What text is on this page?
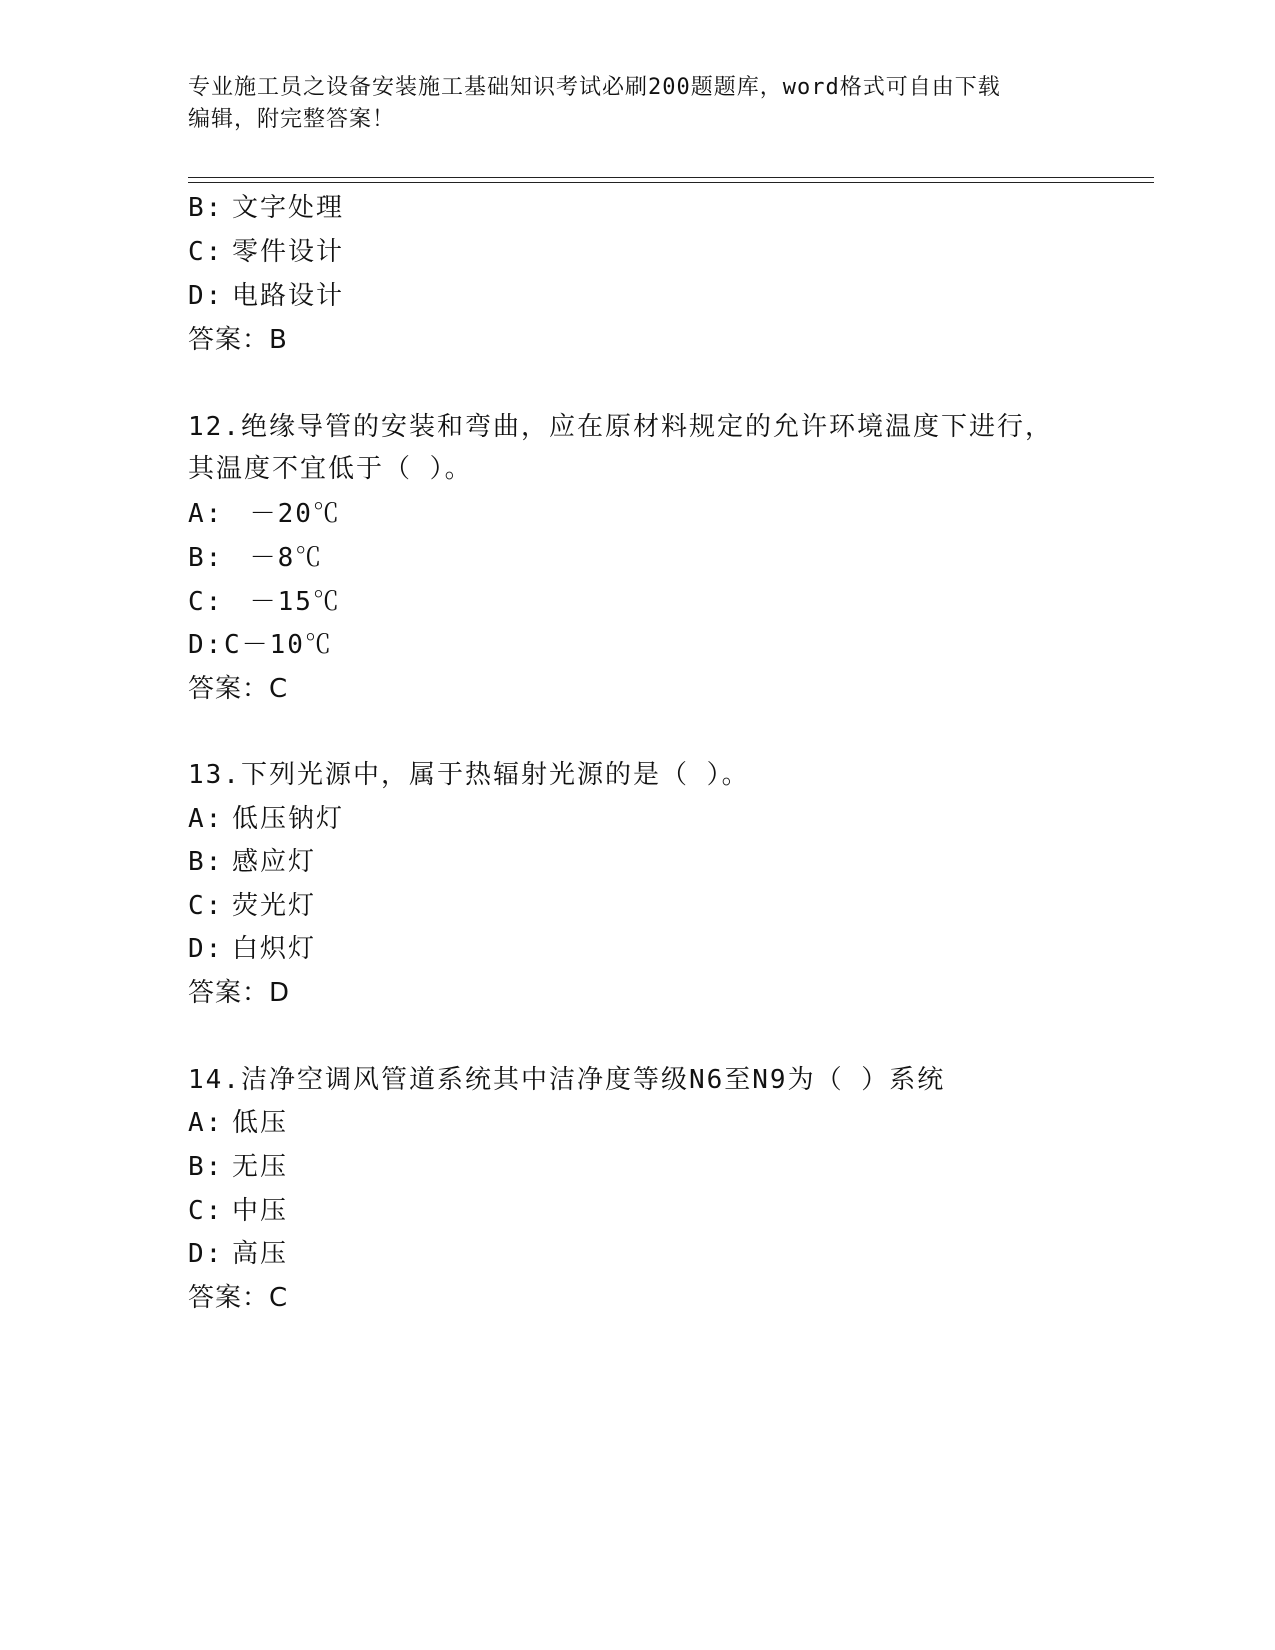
专业施工员之设备安装施工基础知识考试必刷200题题库，word格式可自由下载
编辑，附完整答案！
B: 文字处理
C: 零件设计
D: 电路设计
答案：B
12.绝缘导管的安装和弯曲，应在原材料规定的允许环境温度下进行，
其温度不宜低于（ ）。
A: －20℃
B: －8℃
C: －15℃
D:C－10℃
答案：C
13.下列光源中，属于热辐射光源的是（ ）。
A: 低压钠灯
B: 感应灯
C: 荧光灯
D: 白炽灯
答案：D
14.洁净空调风管道系统其中洁净度等级N6至N9为（ ）系统
A: 低压
B: 无压
C: 中压
D: 高压
答案：C
